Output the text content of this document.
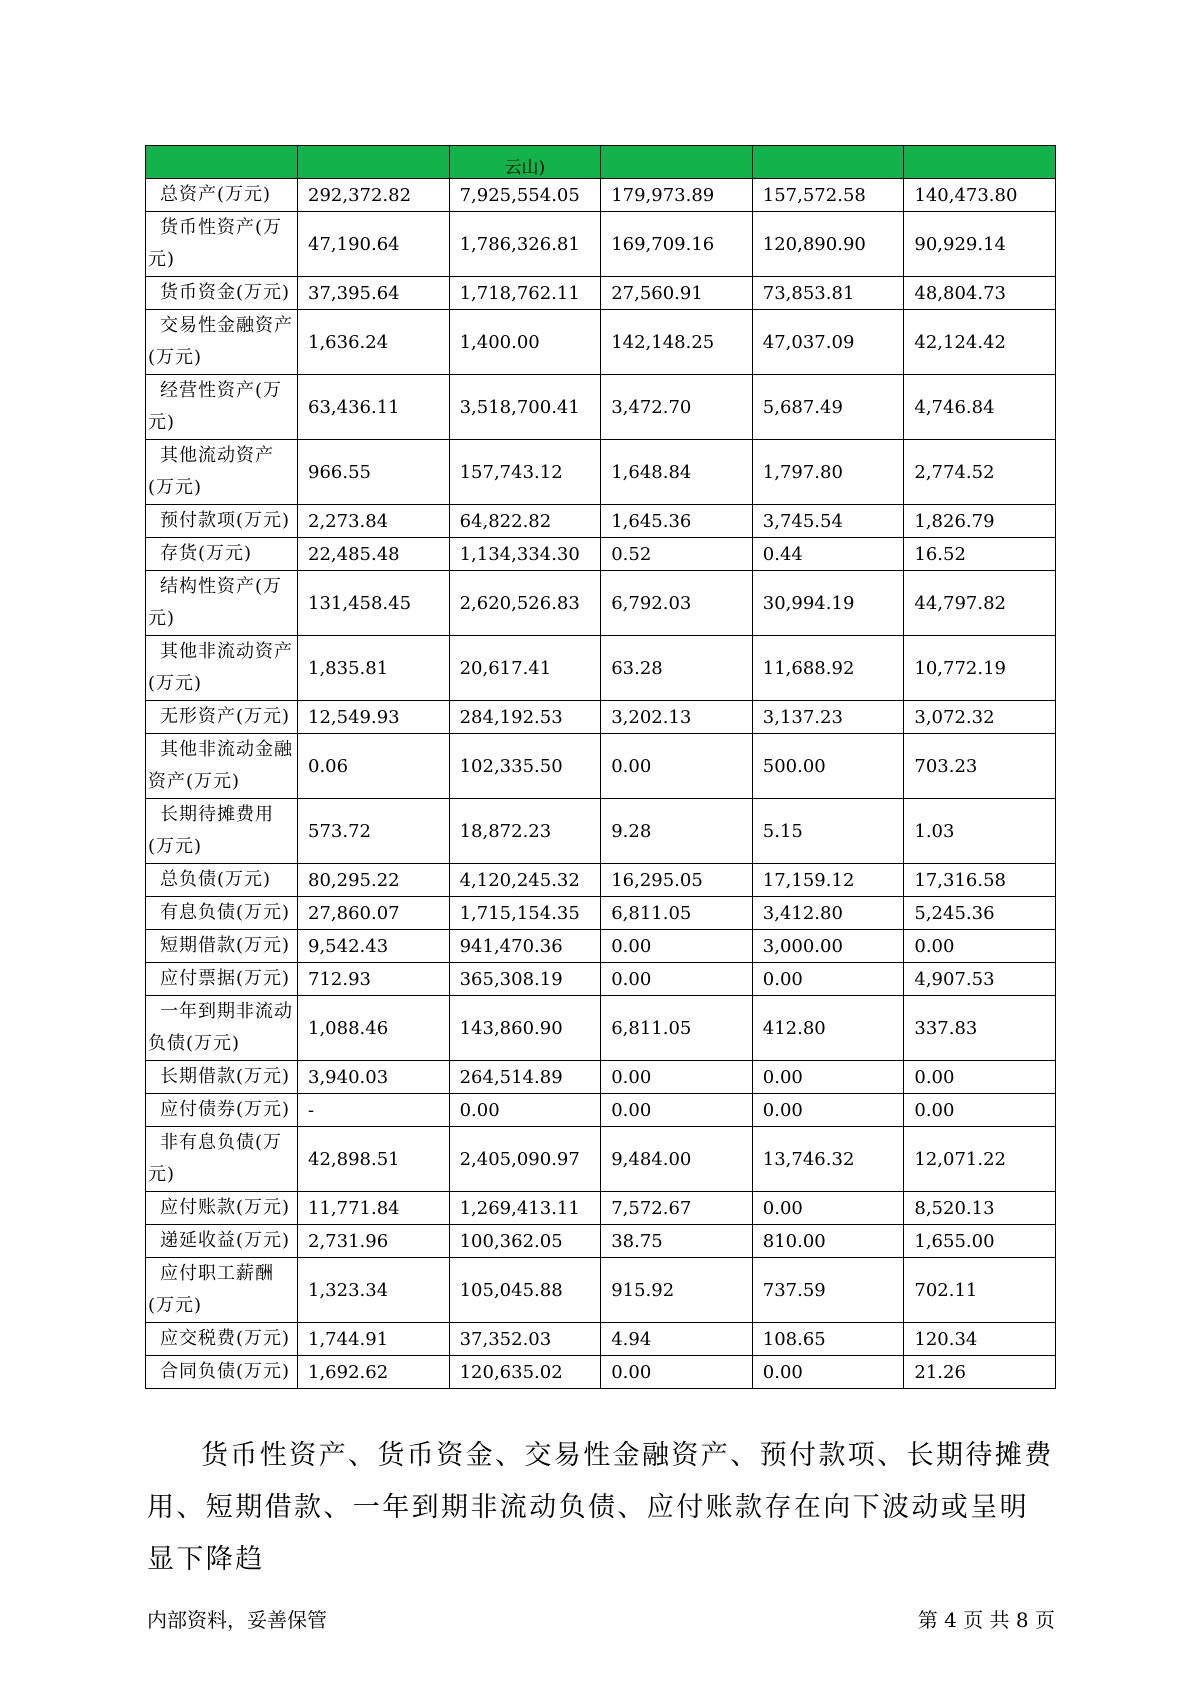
		云山)			
总资产(万元)	292,372.82	7,925,554.05	179,973.89	157,572.58	140,473.80
货币性资产(万元)	47,190.64	1,786,326.81	169,709.16	120,890.90	90,929.14
货币资金(万元)	37,395.64	1,718,762.11	27,560.91	73,853.81	48,804.73
交易性金融资产(万元)	1,636.24	1,400.00	142,148.25	47,037.09	42,124.42
经营性资产(万元)	63,436.11	3,518,700.41	3,472.70	5,687.49	4,746.84
其他流动资产(万元)	966.55	157,743.12	1,648.84	1,797.80	2,774.52
预付款项(万元)	2,273.84	64,822.82	1,645.36	3,745.54	1,826.79
存货(万元)	22,485.48	1,134,334.30	0.52	0.44	16.52
结构性资产(万元)	131,458.45	2,620,526.83	6,792.03	30,994.19	44,797.82
其他非流动资产(万元)	1,835.81	20,617.41	63.28	11,688.92	10,772.19
无形资产(万元)	12,549.93	284,192.53	3,202.13	3,137.23	3,072.32
其他非流动金融资产(万元)	0.06	102,335.50	0.00	500.00	703.23
长期待摊费用(万元)	573.72	18,872.23	9.28	5.15	1.03
总负债(万元)	80,295.22	4,120,245.32	16,295.05	17,159.12	17,316.58
有息负债(万元)	27,860.07	1,715,154.35	6,811.05	3,412.80	5,245.36
短期借款(万元)	9,542.43	941,470.36	0.00	3,000.00	0.00
应付票据(万元)	712.93	365,308.19	0.00	0.00	4,907.53
一年到期非流动负债(万元)	1,088.46	143,860.90	6,811.05	412.80	337.83
长期借款(万元)	3,940.03	264,514.89	0.00	0.00	0.00
应付债券(万元)	-	0.00	0.00	0.00	0.00
非有息负债(万元)	42,898.51	2,405,090.97	9,484.00	13,746.32	12,071.22
应付账款(万元)	11,771.84	1,269,413.11	7,572.67	0.00	8,520.13
递延收益(万元)	2,731.96	100,362.05	38.75	810.00	1,655.00
应付职工薪酬(万元)	1,323.34	105,045.88	915.92	737.59	702.11
应交税费(万元)	1,744.91	37,352.03	4.94	108.65	120.34
合同负债(万元)	1,692.62	120,635.02	0.00	0.00	21.26
货币性资产、货币资金、交易性金融资产、预付款项、长期待摊费用、短期借款、一年到期非流动负债、应付账款存在向下波动或呈明显下降趋
内部资料，妥善保管	第 4 页 共 8 页
